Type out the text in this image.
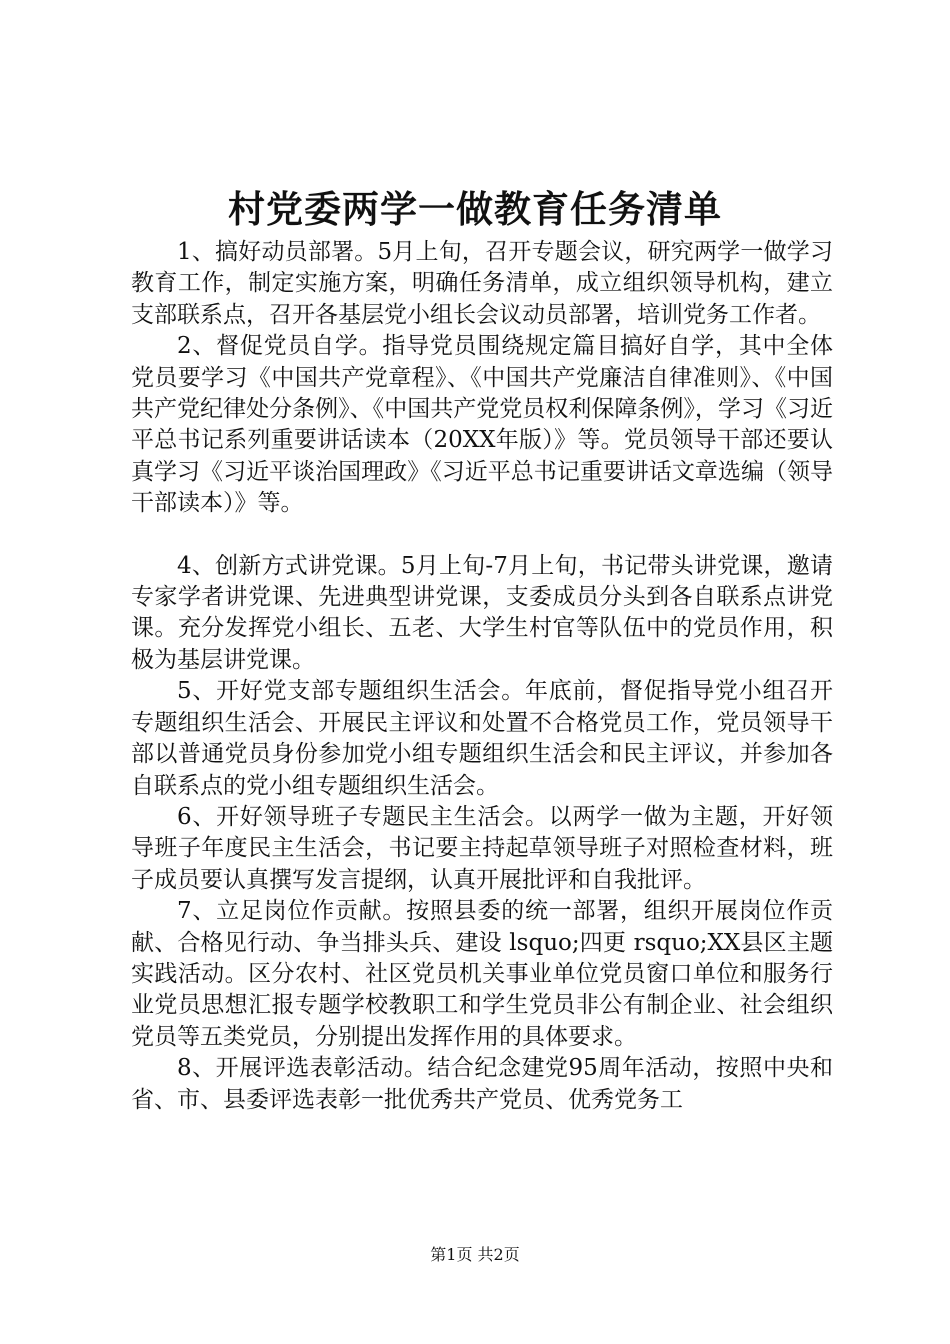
村党委两学一做教育任务清单

1、搞好动员部署。5月上旬，召开专题会议，研究两学一做学习教育工作，制定实施方案，明确任务清单，成立组织领导机构，建立支部联系点，召开各基层党小组长会议动员部署，培训党务工作者。

2、督促党员自学。指导党员围绕规定篇目搞好自学，其中全体党员要学习《中国共产党章程》、《中国共产党廉洁自律准则》、《中国共产党纪律处分条例》、《中国共产党党员权利保障条例》，学习《习近平总书记系列重要讲话读本（20XX年版）》等。党员领导干部还要认真学习《习近平谈治国理政》《习近平总书记重要讲话文章选编（领导干部读本）》等。

4、创新方式讲党课。5月上旬-7月上旬，书记带头讲党课，邀请专家学者讲党课、先进典型讲党课，支委成员分头到各自联系点讲党课。充分发挥党小组长、五老、大学生村官等队伍中的党员作用，积极为基层讲党课。

5、开好党支部专题组织生活会。年底前，督促指导党小组召开专题组织生活会、开展民主评议和处置不合格党员工作，党员领导干部以普通党员身份参加党小组专题组织生活会和民主评议，并参加各自联系点的党小组专题组织生活会。

6、开好领导班子专题民主生活会。以两学一做为主题，开好领导班子年度民主生活会，书记要主持起草领导班子对照检查材料，班子成员要认真撰写发言提纲，认真开展批评和自我批评。

7、立足岗位作贡献。按照县委的统一部署，组织开展岗位作贡献、合格见行动、争当排头兵、建设 lsquo;四更 rsquo;XX县区主题实践活动。区分农村、社区党员机关事业单位党员窗口单位和服务行业党员思想汇报专题学校教职工和学生党员非公有制企业、社会组织党员等五类党员，分别提出发挥作用的具体要求。

8、开展评选表彰活动。结合纪念建党95周年活动，按照中央和省、市、县委评选表彰一批优秀共产党员、优秀党务工

第1页 共2页
